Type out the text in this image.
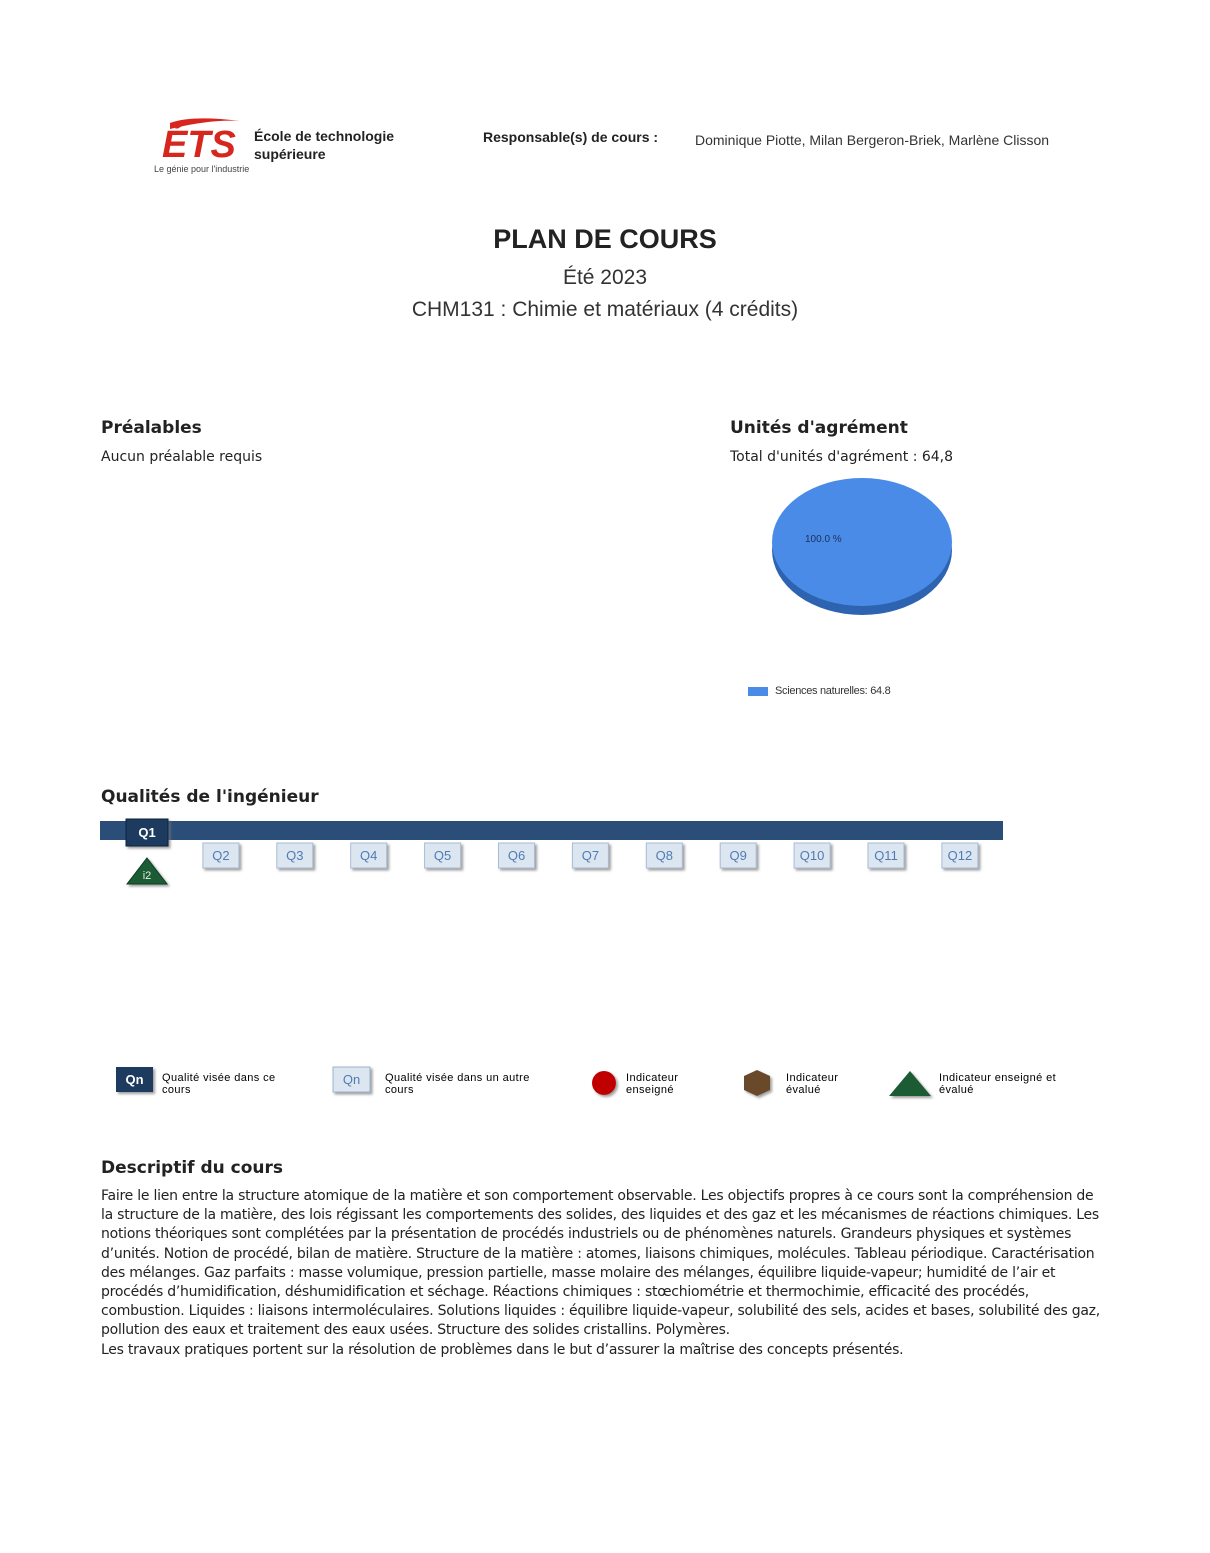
ÉTS
Le génie pour l'industrie
École de technologie
supérieure
Responsable(s) de cours :	Dominique Piotte, Milan Bergeron-Briek, Marlène Clisson
PLAN DE COURS
Été 2023
CHM131 : Chimie et matériaux (4 crédits)
Préalables
Aucun préalable requis
Unités d'agrément
Total d'unités d'agrément : 64,8
100.0 %
Sciences naturelles: 64.8
Qualités de l'ingénieur
Q1
i2
Q2	Q3	Q4	Q5	Q6	Q7	Q8	Q9	Q10	Q11	Q12
Qn Qualité visée dans ce cours
Qn Qualité visée dans un autre cours
Indicateur enseigné
Indicateur évalué
Indicateur enseigné et évalué
Descriptif du cours

Faire le lien entre la structure atomique de la matière et son comportement observable. Les objectifs propres à ce cours sont la compréhension de la structure de la matière, des lois régissant les comportements des solides, des liquides et des gaz et les mécanismes de réactions chimiques. Les notions théoriques sont complétées par la présentation de procédés industriels ou de phénomènes naturels. Grandeurs physiques et systèmes d’unités. Notion de procédé, bilan de matière. Structure de la matière : atomes, liaisons chimiques, molécules. Tableau périodique. Caractérisation des mélanges. Gaz parfaits : masse volumique, pression partielle, masse molaire des mélanges, équilibre liquide-vapeur; humidité de l’air et procédés d’humidification, déshumidification et séchage. Réactions chimiques : stœchiométrie et thermochimie, efficacité des procédés, combustion. Liquides : liaisons intermoléculaires. Solutions liquides : équilibre liquide-vapeur, solubilité des sels, acides et bases, solubilité des gaz, pollution des eaux et traitement des eaux usées. Structure des solides cristallins. Polymères.

Les travaux pratiques portent sur la résolution de problèmes dans le but d’assurer la maîtrise des concepts présentés.
